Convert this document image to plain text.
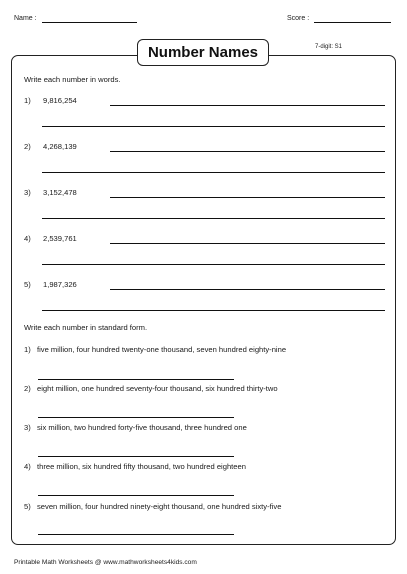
Name :	Score :
Number Names	7-digit: S1
Write each number in words.
1) 9,816,254
2) 4,268,139
3) 3,152,478
4) 2,539,761
5) 1,987,326
Write each number in standard form.
1) five million, four hundred twenty-one thousand, seven hundred eighty-nine
2) eight million, one hundred seventy-four thousand, six hundred thirty-two
3) six million, two hundred forty-five thousand, three hundred one
4) three million, six hundred fifty thousand, two hundred eighteen
5) seven million, four hundred ninety-eight thousand, one hundred sixty-five
Printable Math Worksheets @ www.mathworksheets4kids.com
